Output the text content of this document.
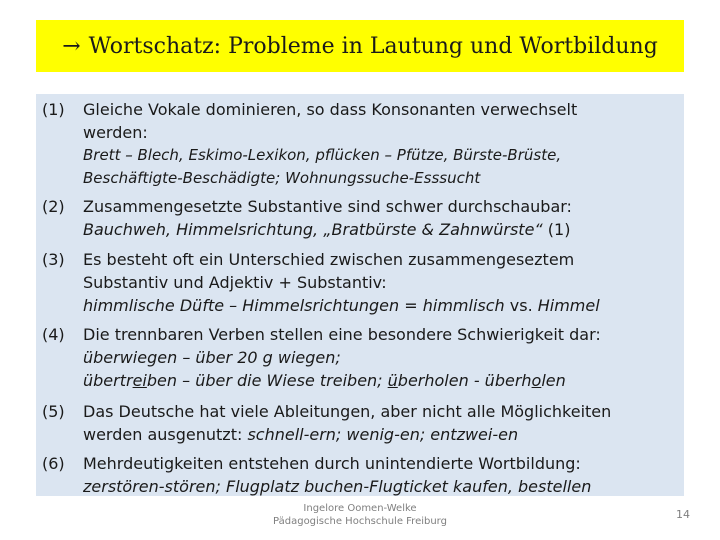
→ Wortschatz: Probleme in Lautung und Wortbildung
(1)	Gleiche Vokale dominieren, so dass Konsonanten verwechselt
werden:
Brett – Blech, Eskimo-Lexikon, pflücken – Pfütze, Bürste-Brüste,
Beschäftigte-Beschädigte; Wohnungssuche-Esssucht
(2)	Zusammengesetzte Substantive sind schwer durchschaubar:
Bauchweh, Himmelsrichtung, „Bratbürste & Zahnwürste“ (1)
(3)	Es besteht oft ein Unterschied zwischen zusammengeseztem
Substantiv und Adjektiv + Substantiv:
himmlische Düfte – Himmelsrichtungen = himmlisch vs. Himmel
(4)	Die trennbaren Verben stellen eine besondere Schwierigkeit dar:
überwiegen – über 20 g wiegen;
übertreiben – über die Wiese treiben; überholen - überholen
(5)	Das Deutsche hat viele Ableitungen, aber nicht alle Möglichkeiten
werden ausgenutzt: schnell-ern; wenig-en; entzwei-en
(6)	Mehrdeutigkeiten entstehen durch unintendierte Wortbildung:
zerstören-stören; Flugplatz buchen-Flugticket kaufen, bestellen
Ingelore Oomen-Welke
Pädagogische Hochschule Freiburg
14
